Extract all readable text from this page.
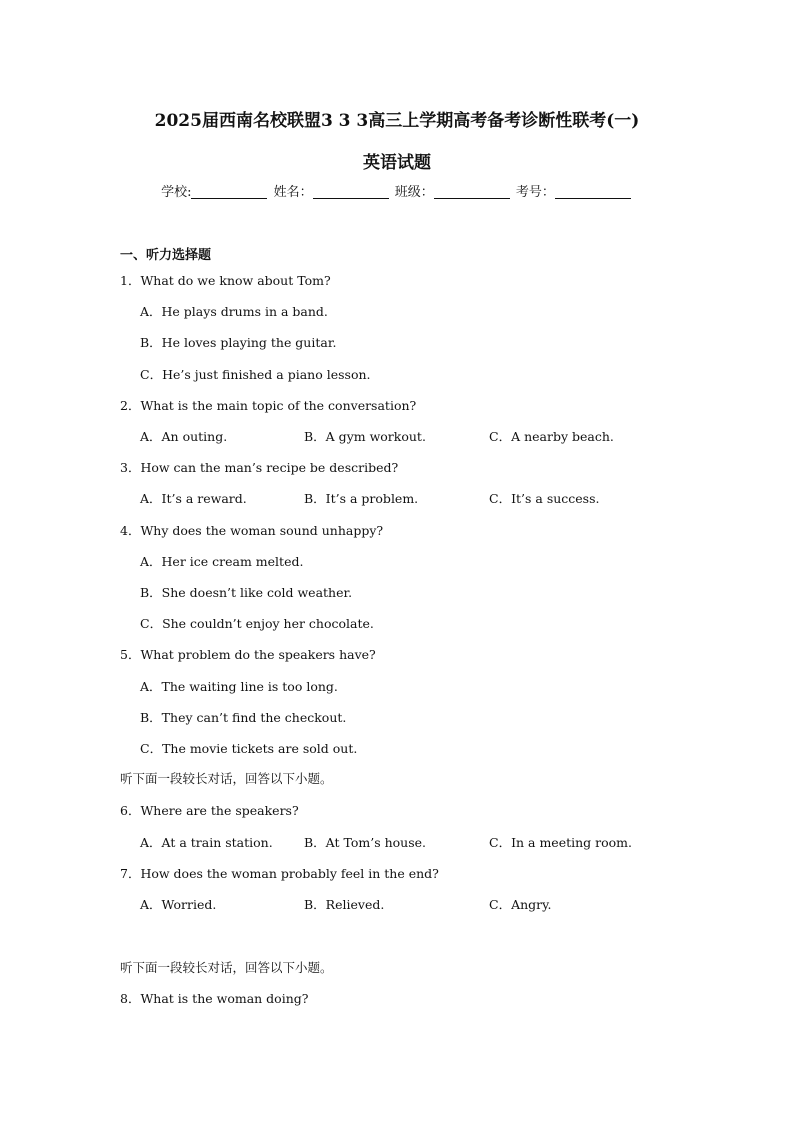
2025届西南名校联盟3 3 3高三上学期高考备考诊断性联考(一)
英语试题
学校:	姓名：	班级：	考号：
一、听力选择题
1．What do we know about Tom?
A．He plays drums in a band.
B．He loves playing the guitar.
C．He’s just finished a piano lesson.
2．What is the main topic of the conversation?
A．An outing.	B．A gym workout.	C．A nearby beach.
3．How can the man’s recipe be described?
A．It’s a reward.	B．It’s a problem.	C．It’s a success.
4．Why does the woman sound unhappy?
A．Her ice cream melted.
B．She doesn’t like cold weather.
C．She couldn’t enjoy her chocolate.
5．What problem do the speakers have?
A．The waiting line is too long.
B．They can’t find the checkout.
C．The movie tickets are sold out.
听下面一段较长对话，回答以下小题。
6．Where are the speakers?
A．At a train station.	B．At Tom’s house.	C．In a meeting room.
7．How does the woman probably feel in the end?
A．Worried.	B．Relieved.	C．Angry.
听下面一段较长对话，回答以下小题。
8．What is the woman doing?
